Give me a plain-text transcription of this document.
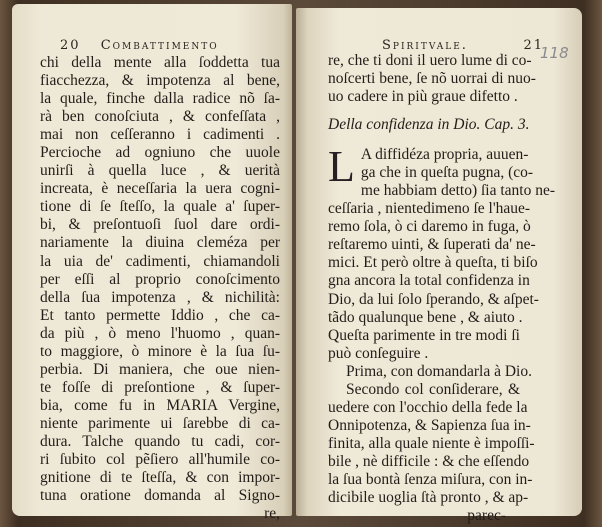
20 Combattimento
chi della mente alla ſoddetta tua
fiacchezza, & impotenza al bene,
la quale, finche dalla radice nõ ſa-
rà ben conoſciuta , & confeſſata ,
mai non ceſſeranno i cadimenti .
Percioche ad ogniuno che uuole
unirſi à quella luce , & uerità
increata, è neceſſaria la uera cogni-
tione di ſe ſteſſo, la quale a' ſuper-
bi, & preſontuoſi ſuol dare ordi-
nariamente la diuina cleméza per
la uia de' cadimenti, chiamandoli
per eſſi al proprio conoſcimento
della ſua impotenza , & nichilità:
Et tanto permette Iddio , che ca-
da più , ò meno l'huomo , quan-
to maggiore, ò minore è la ſua ſu-
perbia. Di maniera, che oue nien-
te foſſe di preſontione , & ſuper-
bia, come fu in MARIA Vergine,
niente parimente ui ſarebbe di ca-
dura. Talche quando tu cadi, cor-
ri ſubito col pẽſiero all'humile co-
gnitione di te ſteſſa, & con impor-
tuna oratione domanda al Signo-
re,
Spiritvale.	21
re, che ti doni il uero lume di co-
noſcerti bene, ſe nõ uorrai di nuo-
uo cadere in più graue difetto .
Della confidenza in Dio. Cap. 3.
L A diffidéza propria, auuen-
ga che in queſta pugna, (co-
me habbiam detto) ſia tanto ne-
ceſſaria , nientedimeno ſe l'haue-
remo ſola, ò ci daremo in fuga, ò
reſtaremo uinti, & ſuperati da' ne-
mici. Et però oltre à queſta, ti biſo
gna ancora la total confidenza in
Dio, da lui ſolo ſperando, & aſpet-
tãdo qualunque bene , & aiuto .
Queſta parimente in tre modi ſi
può conſeguire .
Prima, con domandarla à Dio.
Secondo col conſiderare, &
uedere con l'occhio della fede la
Onnipotenza, & Sapienza ſua in-
finita, alla quale niente è impoſſi-
bile , nè difficile : & che eſſendo
la ſua bontà ſenza miſura, con in-
dicibile uoglia ſtà pronto , & ap-
parec-
118
